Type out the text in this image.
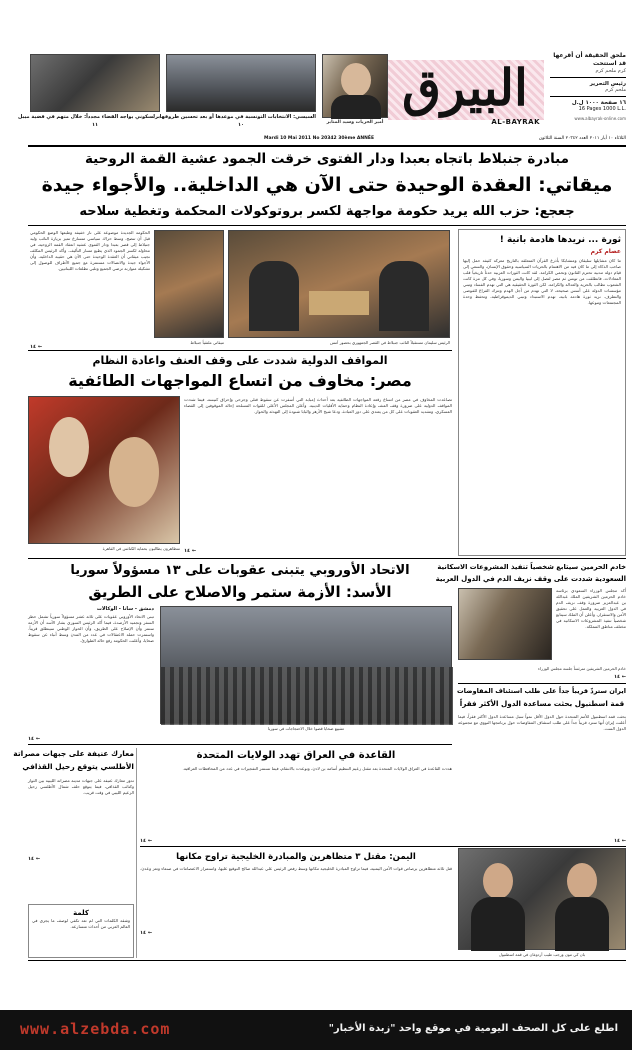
ملحق الحقيقة أن أقرعها قد استتحت
كرم ملحم كرم
رئيس التحرير
ملحم كرم
١٦ صفحة ١٠٠٠ ل.ل
16 Pages 1000 L.L.
www.albayrak-online.com
البيرق
AL-BAYRAK
أمير الحريات وسيد المنابر
السيسي: الانتخابات التونسية في موعدها أو بعد تحسين ظروفها
١٠
برلسكوني يواجه القضاء مجدداً: خلال متهم في قضية ميبل
١١
Mardi 10 Mai 2011 No 20342 30ème ANNÉE	الثلاثاء ١٠ أيار ٢٠١١ العدد ٢٠٣٤٢ السنة الثلاثون
مبادرة جنبلاط باتجاه بعبدا ودار الفتوى خرقت الجمود عشية القمة الروحية
ميقاتي: العقدة الوحيدة حتى الآن هي الداخلية.. والأجواء جيدة
جعجع: حزب الله يريد حكومة مواجهة لكسر بروتوكولات المحكمة وتغطية سلاحه
ثورة ... نريدها هادمة بانية !
عصام كرم
ما كان مشايلها سليقان ومتشابكا بأذرع القرآن المتعلقة بالتاريخ معركة كثيفة حمل إليها صاحب الذكاء إلى ما كان فيه من الاهتمام بالحريات السياسية وحقوق الإنسان، والسعي إلى قيام دولة مدنية تحترم القانون وتحمي الكرامة. لقد كانت الثورات العربية حدثاً تاريخياً قلب المعادلات، فانطلقت من تونس ثم مصر لتصل إلى ليبيا واليمن وسوريا، وفي كل مرة كانت الشعوب تطالب بالحرية والعدالة والكرامة. لكن الثورة الحقيقية هي التي تهدم الفساد وتبني مؤسسات الدولة على أسس صحيحة، لا التي تهدم من أجل الهدم وتترك الفراغ للفوضى والتطرف. نريد ثورة هادمة بانية، تهدم الاستبداد وتبني الديموقراطية، وتحفظ وحدة المجتمعات وتنوعها.
الرئيس سليمان مستقبلاً النائب جنبلاط في القصر الجمهوري بحضور أمس
ميقاتي ملتقياً جنبلاط
الحكومة الجديدة موضوعة على نار خفيفة وطبعها الوضع الحكومي قبل أن تنضج، وسط حراك سياسي متسارع تميز بزيارة النائب وليد جنبلاط إلى قصر بعبدا ودار الفتوى عشية انعقاد القمة الروحية، في محاولة لكسر الجمود الذي يطبع مسار التأليف. وأكد الرئيس المكلف نجيب ميقاتي أن العقدة الوحيدة حتى الآن هي حقيبة الداخلية، وأن الأجواء جيدة والاتصالات مستمرة مع جميع الأطراف للوصول إلى تشكيلة متوازنة ترضي الجميع وتلبي تطلعات اللبنانيين.
← ١٤
المواقف الدولية شددت على وقف العنف واعادة النظام
مصر: مخاوف من اتساع المواجهات الطائفية
متظاهرون يطالبون بحماية الكنائس في القاهرة
تصاعدت المخاوف في مصر من اتساع رقعة المواجهات الطائفية بعد أحداث إمبابة التي أسفرت عن سقوط قتلى وجرحى وإحراق كنيسة، فيما شددت المواقف الدولية على ضرورة وقف العنف وإعادة النظام وحماية الأقليات الدينية. وأعلن المجلس الأعلى للقوات المسلحة إحالة الموقوفين إلى القضاء العسكري، وتشديد العقوبات على كل من يعتدي على دور العبادة، ودعا شيخ الأزهر والبابا شنودة إلى التهدئة والحوار.
← ١٤
خادم الحرمين سيتابع شخصياً تنفيذ المشروعات الاسكانية
السعودية شددت على وقف نزيف الدم في الدول العربية
أكد مجلس الوزراء السعودي برئاسة خادم الحرمين الشريفين الملك عبدالله بن عبدالعزيز ضرورة وقف نزيف الدم في الدول العربية والعمل على تحقيق الأمن والاستقرار، وأعلن أن الملك سيتابع شخصياً تنفيذ المشروعات الاسكانية في مختلف مناطق المملكة.
خادم الحرمين الشريفين مترئساً جلسة مجلس الوزراء
← ١٤
الاتحاد الأوروبي يتبنى عقوبات على ١٣ مسؤولاً سوريا
الأسد: الأزمة ستمر والاصلاح على الطريق
دمشق - سانا - الوكالات
تبنى الاتحاد الأوروبي عقوبات على ثلاثة عشر مسؤولاً سورياً تشمل حظر السفر وتجميد الأرصدة، فيما أكد الرئيس السوري بشار الأسد أن الأزمة ستمر وأن الإصلاح على الطريق، وأن الحوار الوطني سينطلق قريباً. واستمرت حملة الاعتقالات في عدد من المدن وسط أنباء عن سقوط ضحايا، وأعلنت الحكومة رفع حالة الطوارئ.
تشييع ضحايا قضوا خلال الاحتجاجات في سوريا
← ١٤
ايران ستردّ قريباً جداً على طلب استئناف المفاوضات
قمة اسطنبول بحثت مساعدة الدول الأكثر فقراً
بحثت قمة اسطنبول للأمم المتحدة حول الدول الأقل نمواً سبل مساعدة الدول الأكثر فقراً، فيما أعلنت إيران أنها سترد قريباً جداً على طلب استئناف المفاوضات حول برنامجها النووي مع مجموعة الدول الست.
← ١٤
القاعدة في العراق تهدد الولايات المتحدة
هددت القاعدة في العراق الولايات المتحدة بعد مقتل زعيم التنظيم أسامة بن لادن، وتوعدت بالانتقام، فيما تستمر التفجيرات في عدد من المحافظات العراقية.
← ١٤
معارك عنيفة على جبهات مصراتة
الأطلسي يتوقع رحيل القذافي
تدور معارك عنيفة على جبهات مدينة مصراتة الليبية بين الثوار وكتائب القذافي، فيما يتوقع حلف شمال الأطلسي رحيل الزعيم الليبي في وقت قريب.
← ١٤	اليمن: مقتل ٣ متظاهرين والمبادرة الخليجية تراوح مكانها
قتل ثلاثة متظاهرين برصاص قوات الأمن اليمنية، فيما تراوح المبادرة الخليجية مكانها وسط رفض الرئيس علي عبدالله صالح التوقيع عليها، واستمرار الاعتصامات في صنعاء وتعز وعدن.
← ١٤
بان كي مون ورجب طيب أردوغان في قمة اسطنبول
كلمة
وشقة الكلمات التي لم تعد تكفي لوصف ما يجري في العالم العربي من أحداث متسارعة.
www.alzebda.com	اطلع على كل الصحف اليومية في موقع واحد "زبدة الأخبار"
